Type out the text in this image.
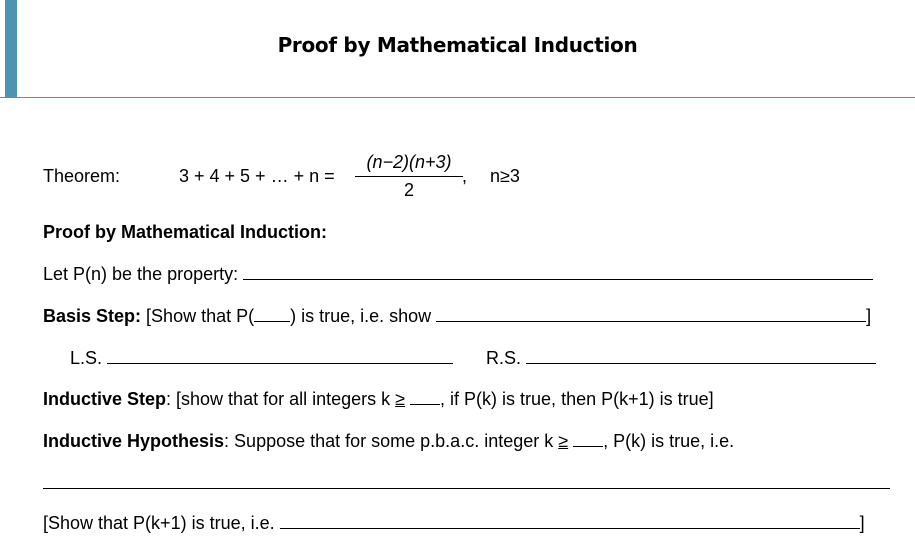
Proof by Mathematical Induction
Theorem:	3 + 4 + 5 + … + n =
(n−2)(n+3)
2
, n≥3
Proof by Mathematical Induction:
Let P(n) be the property:
Basis Step: [Show that P( ) is true, i.e. show	]
L.S.	R.S.
Inductive Step: [show that for all integers k ≥ , if P(k) is true, then P(k+1) is true]
Inductive Hypothesis: Suppose that for some p.b.a.c. integer k ≥ , P(k) is true, i.e.
[Show that P(k+1) is true, i.e.	]
